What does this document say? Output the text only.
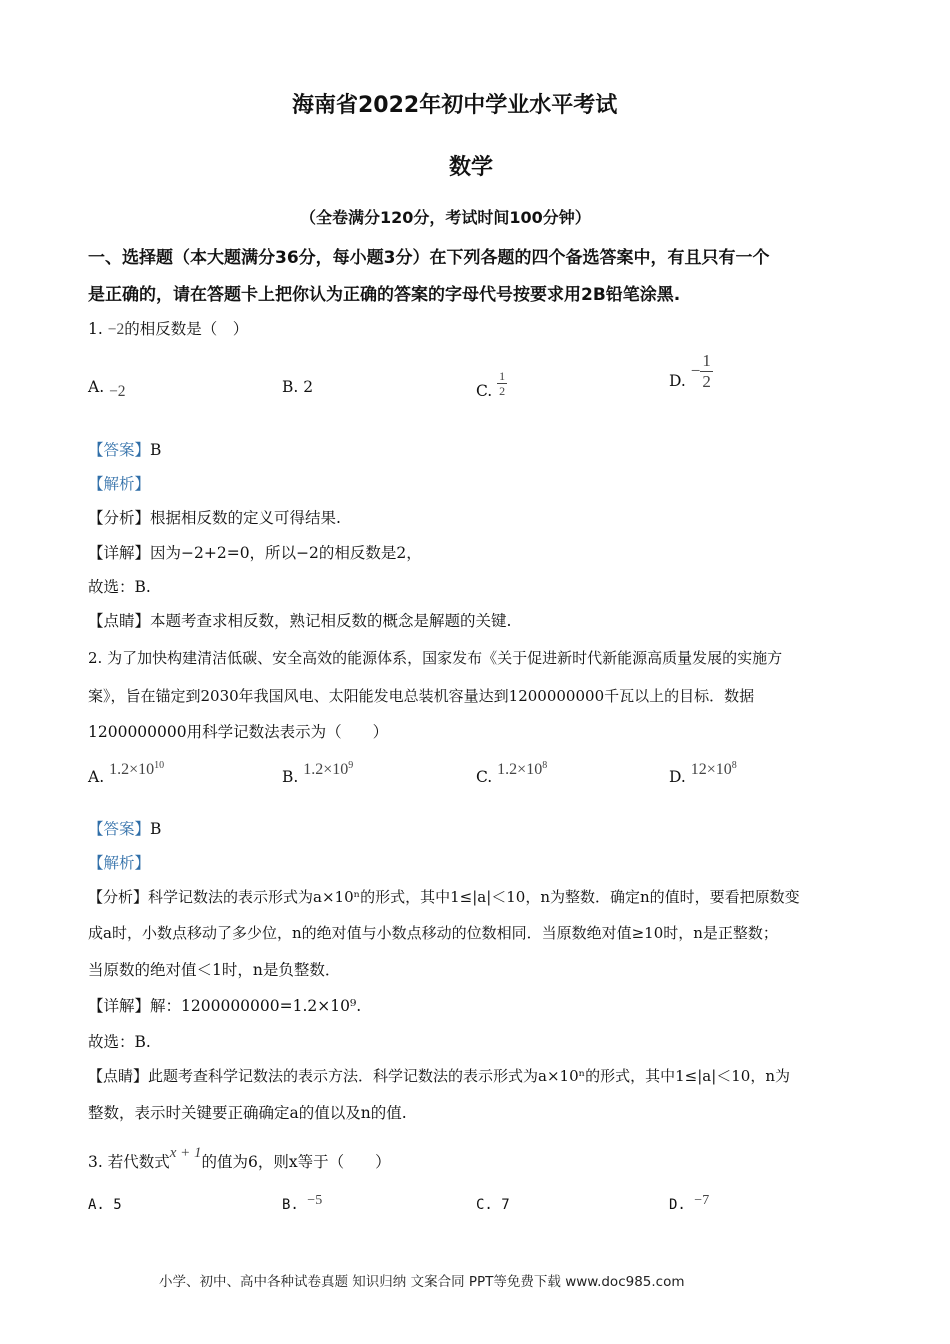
海南省2022年初中学业水平考试
数学
（全卷满分120分，考试时间100分钟）
一、选择题（本大题满分36分，每小题3分）在下列各题的四个备选答案中，有且只有一个
是正确的，请在答题卡上把你认为正确的答案的字母代号按要求用2B铅笔涂黑.
1. −2的相反数是（　）
A. −2	B. 2	C. $\frac{1}{2}$	D. − $\frac{1}{2}$
【答案】B
【解析】
【分析】根据相反数的定义可得结果.
【详解】因为−2+2=0，所以−2的相反数是2，
故选：B.
【点睛】本题考查求相反数，熟记相反数的概念是解题的关键.
2. 为了加快构建清洁低碳、安全高效的能源体系，国家发布《关于促进新时代新能源高质量发展的实施方
案》，旨在锚定到2030年我国风电、太阳能发电总装机容量达到1200000000千瓦以上的目标．数据
1200000000用科学记数法表示为（　　）
A. $1.2\times 10^{10}$
B. $1.2\times 10^9$
C. $1.2\times 10^8$
D. $12\times 10^8$
【答案】B
【解析】
【分析】科学记数法的表示形式为a×10ⁿ的形式，其中1≤|a|＜10，n为整数．确定n的值时，要看把原数变
成a时，小数点移动了多少位，n的绝对值与小数点移动的位数相同．当原数绝对值≥10时，n是正整数；
当原数的绝对值＜1时，n是负整数．
【详解】解：1200000000=1.2×10⁹.
故选：B.
【点睛】此题考查科学记数法的表示方法．科学记数法的表示形式为a×10ⁿ的形式，其中1≤|a|＜10，n为
整数，表示时关键要正确确定a的值以及n的值.
3. 若代数式x + 1的值为6，则x等于（　　）
A. 5	B. −5	C. 7	D. −7
小学、初中、高中各种试卷真题 知识归纳 文案合同 PPT等免费下载 www.doc985.com
